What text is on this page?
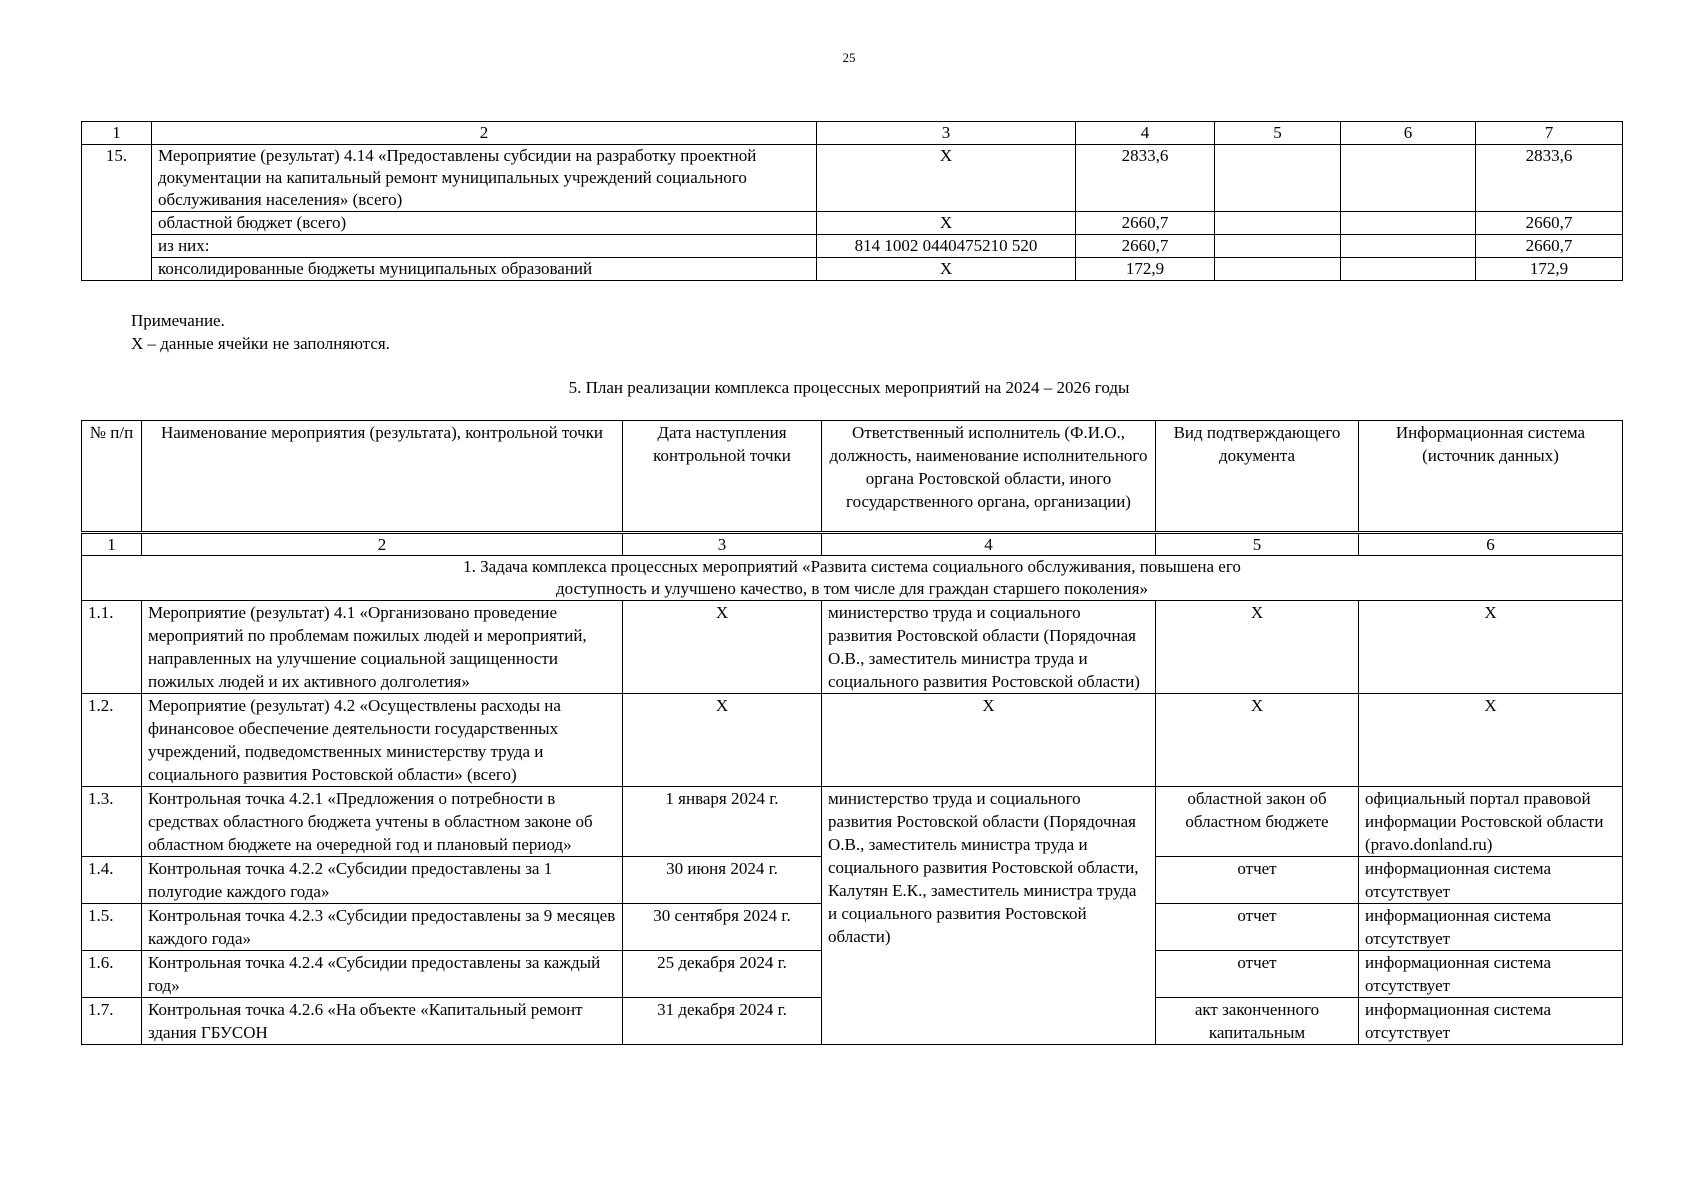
25
1	2	3	4	5	6	7
15.	Мероприятие (результат) 4.14 «Предоставлены субсидии на разработку проектной документации на капитальный ремонт муниципальных учреждений социального обслуживания населения» (всего)	X	2833,6			2833,6
	областной бюджет (всего)	X	2660,7			2660,7
	из них:	814 1002 0440475210 520	2660,7			2660,7
	консолидированные бюджеты муниципальных образований	X	172,9			172,9
Примечание.
X – данные ячейки не заполняются.
5. План реализации комплекса процессных мероприятий на 2024 – 2026 годы
№ п/п	Наименование мероприятия (результата), контрольной точки	Дата наступления контрольной точки	Ответственный исполнитель (Ф.И.О., должность, наименование исполнительного органа Ростовской области, иного государственного органа, организации)	Вид подтверждающего документа	Информационная система (источник данных)
1	2	3	4	5	6
1. Задача комплекса процессных мероприятий «Развита система социального обслуживания, повышена его доступность и улучшено качество, в том числе для граждан старшего поколения»					
1.1.	Мероприятие (результат) 4.1 «Организовано проведение мероприятий по проблемам пожилых людей и мероприятий, направленных на улучшение социальной защищенности пожилых людей и их активного долголетия»	X	министерство труда и социального развития Ростовской области (Порядочная О.В., заместитель министра труда и социального развития Ростовской области)	X	X
1.2.	Мероприятие (результат) 4.2 «Осуществлены расходы на финансовое обеспечение деятельности государственных учреждений, подведомственных министерству труда и социального развития Ростовской области» (всего)	X	X	X	X
1.3.	Контрольная точка 4.2.1 «Предложения о потребности в средствах областного бюджета учтены в областном законе об областном бюджете на очередной год и плановый период»	1 января 2024 г.	министерство труда и социального развития Ростовской области (Порядочная О.В., заместитель министра труда и социального развития Ростовской области, Калутян Е.К., заместитель министра труда и социального развития Ростовской области)	областной закон об областном бюджете	официальный портал правовой информации Ростовской области (pravo.donland.ru)
1.4.	Контрольная точка 4.2.2 «Субсидии предоставлены за 1 полугодие каждого года»	30 июня 2024 г.		отчет	информационная система отсутствует
1.5.	Контрольная точка 4.2.3 «Субсидии предоставлены за 9 месяцев каждого года»	30 сентября 2024 г.		отчет	информационная система отсутствует
1.6.	Контрольная точка 4.2.4 «Субсидии предоставлены за каждый год»	25 декабря 2024 г.		отчет	информационная система отсутствует
1.7.	Контрольная точка 4.2.6 «На объекте «Капитальный ремонт здания ГБУСОН	31 декабря 2024 г.		акт законченного капитальным	информационная система отсутствует
